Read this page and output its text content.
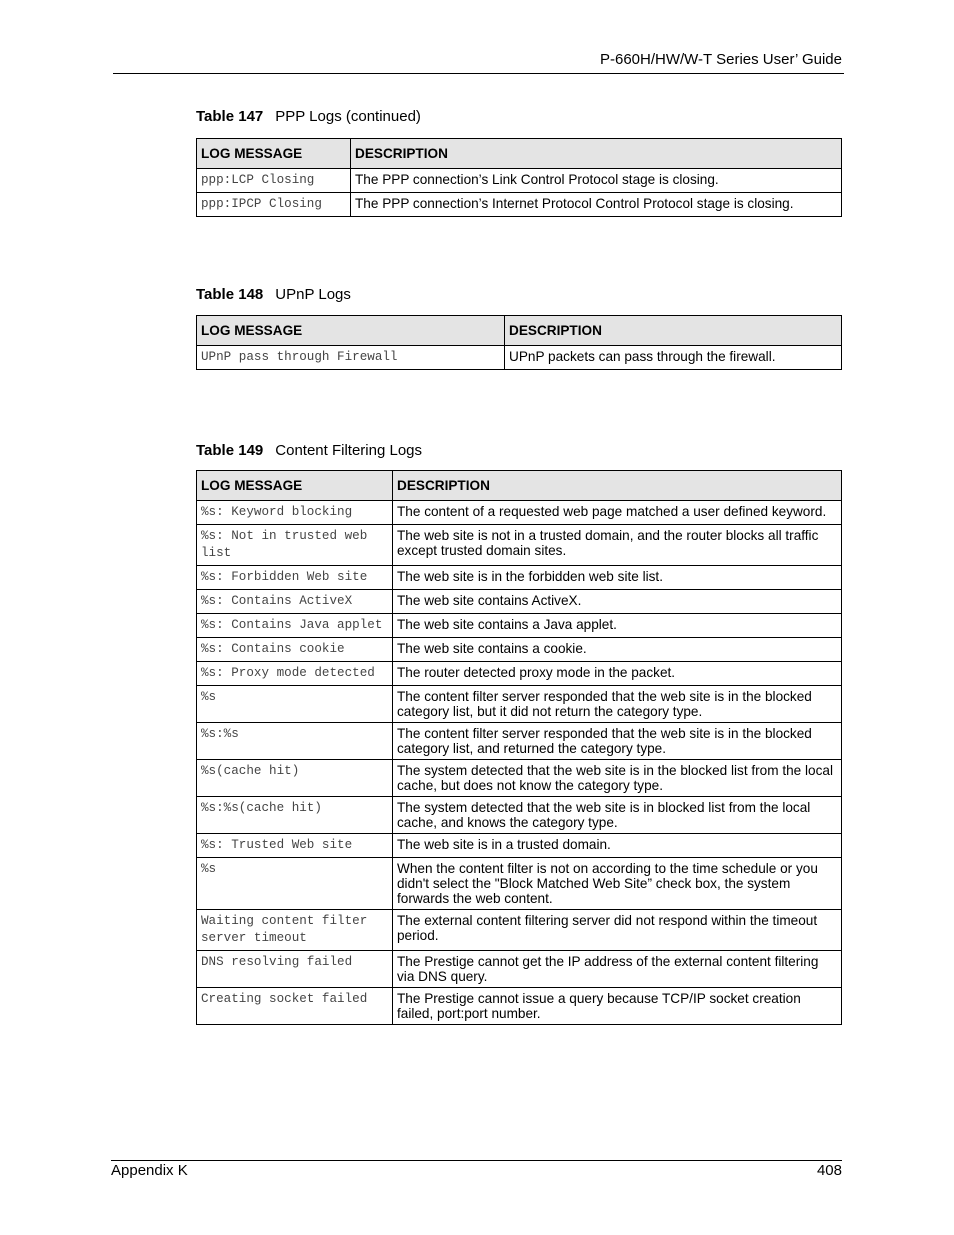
P-660H/HW/W-T Series User’ Guide
Table 147 PPP Logs (continued)
LOG MESSAGE	DESCRIPTION
ppp:LCP Closing	The PPP connection’s Link Control Protocol stage is closing.
ppp:IPCP Closing	The PPP connection’s Internet Protocol Control Protocol stage is closing.
Table 148 UPnP Logs
LOG MESSAGE	DESCRIPTION
UPnP pass through Firewall	UPnP packets can pass through the firewall.
Table 149 Content Filtering Logs
LOG MESSAGE	DESCRIPTION
%s: Keyword blocking	The content of a requested web page matched a user defined keyword.
%s: Not in trusted web list	The web site is not in a trusted domain, and the router blocks all traffic except trusted domain sites.
%s: Forbidden Web site	The web site is in the forbidden web site list.
%s: Contains ActiveX	The web site contains ActiveX.
%s: Contains Java applet	The web site contains a Java applet.
%s: Contains cookie	The web site contains a cookie.
%s: Proxy mode detected	The router detected proxy mode in the packet.
%s	The content filter server responded that the web site is in the blocked category list, but it did not return the category type.
%s:%s	The content filter server responded that the web site is in the blocked category list, and returned the category type.
%s(cache hit)	The system detected that the web site is in the blocked list from the local cache, but does not know the category type.
%s:%s(cache hit)	The system detected that the web site is in blocked list from the local cache, and knows the category type.
%s: Trusted Web site	The web site is in a trusted domain.
%s	When the content filter is not on according to the time schedule or you didn't select the "Block Matched Web Site” check box, the system forwards the web content.
Waiting content filter server timeout	The external content filtering server did not respond within the timeout period.
DNS resolving failed	The Prestige cannot get the IP address of the external content filtering via DNS query.
Creating socket failed	The Prestige cannot issue a query because TCP/IP socket creation failed, port:port number.
Appendix K	408
